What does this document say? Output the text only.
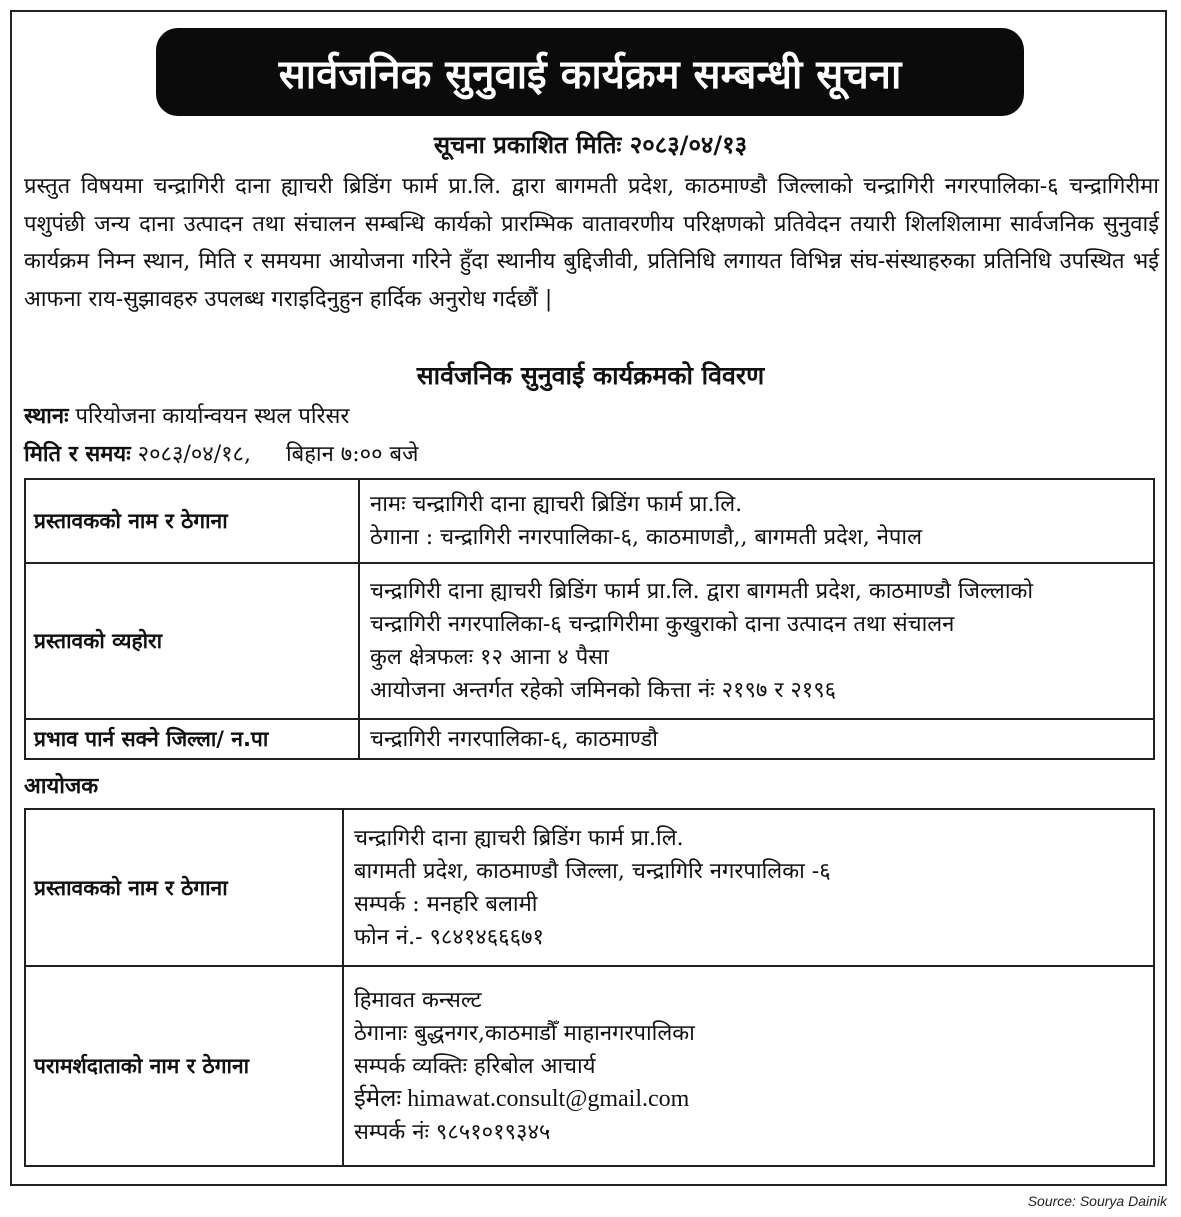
सार्वजनिक सुनुवाई कार्यक्रम सम्बन्धी सूचना
सूचना प्रकाशित मितिः २०८३/०४/१३
प्रस्तुत विषयमा चन्द्रागिरी दाना ह्याचरी ब्रिडिंग फार्म प्रा.लि. द्वारा बागमती प्रदेश, काठमाण्डौ जिल्लाको चन्द्रागिरी नगरपालिका-६ चन्द्रागिरीमा पशुपंछी जन्य दाना उत्पादन तथा संचालन सम्बन्धि कार्यको प्रारम्भिक वातावरणीय परिक्षणको प्रतिवेदन तयारी शिलशिलामा सार्वजनिक सुनुवाई कार्यक्रम निम्न स्थान, मिति र समयमा आयोजना गरिने हुँदा स्थानीय बुद्दिजीवी, प्रतिनिधि लगायत विभिन्न संघ-संस्थाहरुका प्रतिनिधि उपस्थित भई आफना राय-सुझावहरु उपलब्ध गराइदिनुहुन हार्दिक अनुरोध गर्दछौं |
सार्वजनिक सुनुवाई कार्यक्रमको विवरण
स्थानः परियोजना कार्यान्वयन स्थल परिसर
मिति र समयः २०८३/०४/१८, बिहान ७:०० बजे
प्रस्तावकको नाम र ठेगाना	नामः चन्द्रागिरी दाना ह्याचरी ब्रिडिंग फार्म प्रा.लि.
ठेगाना : चन्द्रागिरी नगरपालिका-६, काठमाणडौ,, बागमती प्रदेश, नेपाल

प्रस्तावको व्यहोरा	चन्द्रागिरी दाना ह्याचरी ब्रिडिंग फार्म प्रा.लि. द्वारा बागमती प्रदेश, काठमाण्डौ जिल्लाको
चन्द्रागिरी नगरपालिका-६ चन्द्रागिरीमा कुखुराको दाना उत्पादन तथा संचालन
कुल क्षेत्रफलः १२ आना ४ पैसा
आयोजना अन्तर्गत रहेको जमिनको कित्ता नंः २१९७ र २१९६

प्रभाव पार्न सक्ने जिल्ला/ न.पा	चन्द्रागिरी नगरपालिका-६, काठमाण्डौ
आयोजक
प्रस्तावकको नाम र ठेगाना	चन्द्रागिरी दाना ह्याचरी ब्रिडिंग फार्म प्रा.लि.
बागमती प्रदेश, काठमाण्डौ जिल्ला, चन्द्रागिरि नगरपालिका -६
सम्पर्क : मनहरि बलामी
फोन नं.- ९८४१४६६६७१

परामर्शदाताको नाम र ठेगाना	हिमावत कन्सल्ट
ठेगानाः बुद्धनगर,काठमाडौँ माहानगरपालिका
सम्पर्क व्यक्तिः हरिबोल आचार्य
ईमेलः himawat.consult@gmail.com
सम्पर्क नंः ९८५१०१९३४५
Source: Sourya Dainik
